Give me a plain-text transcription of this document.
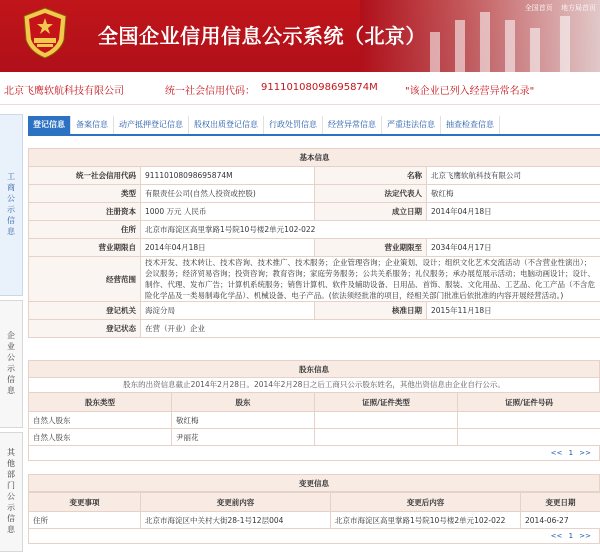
全国企业信用信息公示系统（北京）
全国首页 地方局首页
北京飞鹰软航科技有限公司	统一社会信用代码： 91110108098695874M	"该企业已列入经营异常名录"
工商公示信息
企业公示信息
其他部门公示信息
登记信息	备案信息	动产抵押登记信息	股权出质登记信息	行政处罚信息	经营异常信息	严重违法信息	抽查检查信息
基本信息			
统一社会信用代码	91110108098695874M	名称	北京飞鹰软航科技有限公司
类型	有限责任公司(自然人投资或控股)	法定代表人	敬红梅
注册资本	1000 万元 人民币	成立日期	2014年04月18日
住所	北京市海淀区高里掌路1号院10号楼2单元102-022		
营业期限自	2014年04月18日	营业期限至	2034年04月17日
经营范围	技术开发、技术转让、技术咨询、技术推广、技术服务；企业管理咨询；企业策划、设计；组织文化艺术交流活动（不含营业性演出）；会议服务；经济贸易咨询；投资咨询；教育咨询；家庭劳务服务；公共关系服务；礼仪服务；承办展览展示活动；电脑动画设计；设计、制作、代理、发布广告；计算机系统服务；销售计算机、软件及辅助设备、日用品、首饰、服装、文化用品、工艺品、化工产品（不含危险化学品及一类易制毒化学品）、机械设备、电子产品。(依法须经批准的项目，经相关部门批准后依批准的内容开展经营活动。)		
登记机关	海淀分局	核准日期	2015年11月18日
登记状态	在营（开业）企业		
股东信息
股东的出资信息截止2014年2月28日。2014年2月28日之后工商只公示股东姓名，其他出资信息由企业自行公示。
股东类型	股东	证照/证件类型	证照/证件号码
自然人股东	敬红梅		
自然人股东	尹丽花		
<< 1 >>
变更信息
变更事项	变更前内容	变更后内容	变更日期
住所	北京市海淀区中关村大街28-1号12层004	北京市海淀区高里掌路1号院10号楼2单元102-022	2014-06-27
<< 1 >>
